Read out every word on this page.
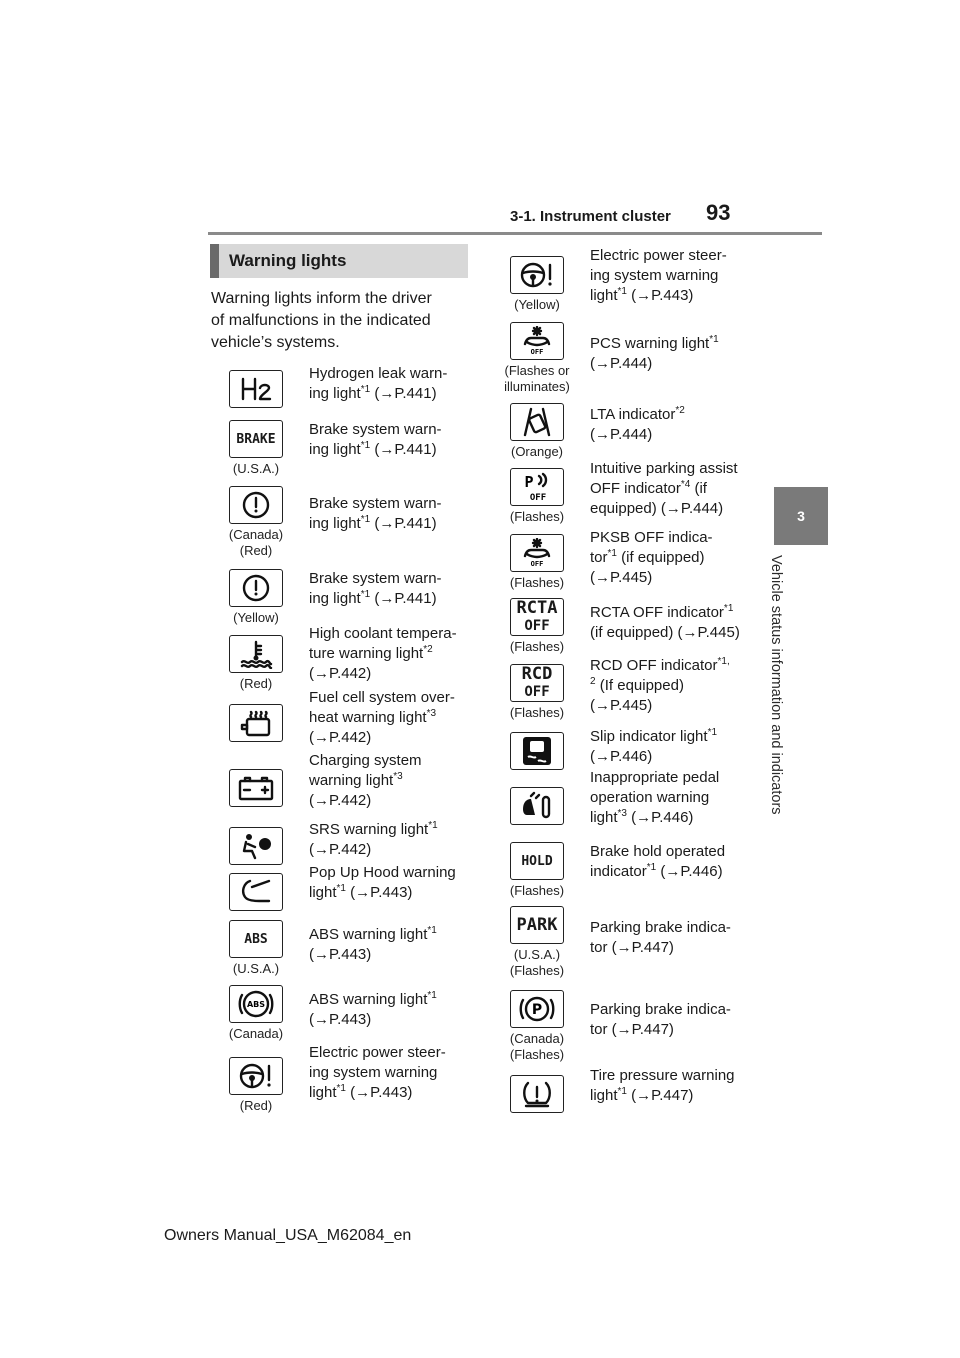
3-1. Instrument cluster 93
3
Vehicle status information and indicators
Warning lights
Warning lights inform the driver
of malfunctions in the indicated
vehicle’s systems.
Hydrogen leak warn-
ing light$^{*1}$ (→P.441)
BRAKE
(U.S.A.)
Brake system warn-
ing light$^{*1}$ (→P.441)
(Canada)
(Red)
Brake system warn-
ing light$^{*1}$ (→P.441)
(Yellow)
Brake system warn-
ing light$^{*1}$ (→P.441)
(Red)
High coolant tempera-
ture warning light$^{*2}$
(→P.442)
Fuel cell system over-
heat warning light$^{*3}$
(→P.442)
Charging system
warning light$^{*3}$
(→P.442)
SRS warning light$^{*1}$
(→P.442)
Pop Up Hood warning
light$^{*1}$ (→P.443)
ABS
(U.S.A.)
ABS warning light$^{*1}$
(→P.443)
ABS
(Canada)
ABS warning light$^{*1}$
(→P.443)
(Red)
Electric power steer-
ing system warning
light$^{*1}$ (→P.443)
(Yellow)
Electric power steer-
ing system warning
light$^{*1}$ (→P.443)
OFF
(Flashes or
illuminates)
PCS warning light$^{*1}$
(→P.444)
(Orange)
LTA indicator$^{*2}$
(→P.444)
P
OFF
(Flashes)
Intuitive parking assist
OFF indicator$^{*4}$ (if
equipped) (→P.444)
OFF
(Flashes)
PKSB OFF indica-
tor$^{*1}$ (if equipped)
(→P.445)
RCTA
OFF
(Flashes)
RCTA OFF indicator$^{*1}$
(if equipped) (→P.445)
RCD
OFF
(Flashes)
RCD OFF indicator$^{*1, 2}$ (If equipped)
(→P.445)
Slip indicator light$^{*1}$
(→P.446)
Inappropriate pedal
operation warning
light$^{*3}$ (→P.446)
HOLD
(Flashes)
Brake hold operated
indicator$^{*1}$ (→P.446)
PARK
(U.S.A.)
(Flashes)
Parking brake indica-
tor (→P.447)
P
(Canada)
(Flashes)
Parking brake indica-
tor (→P.447)
Tire pressure warning
light$^{*1}$ (→P.447)
Owners Manual_USA_M62084_en
